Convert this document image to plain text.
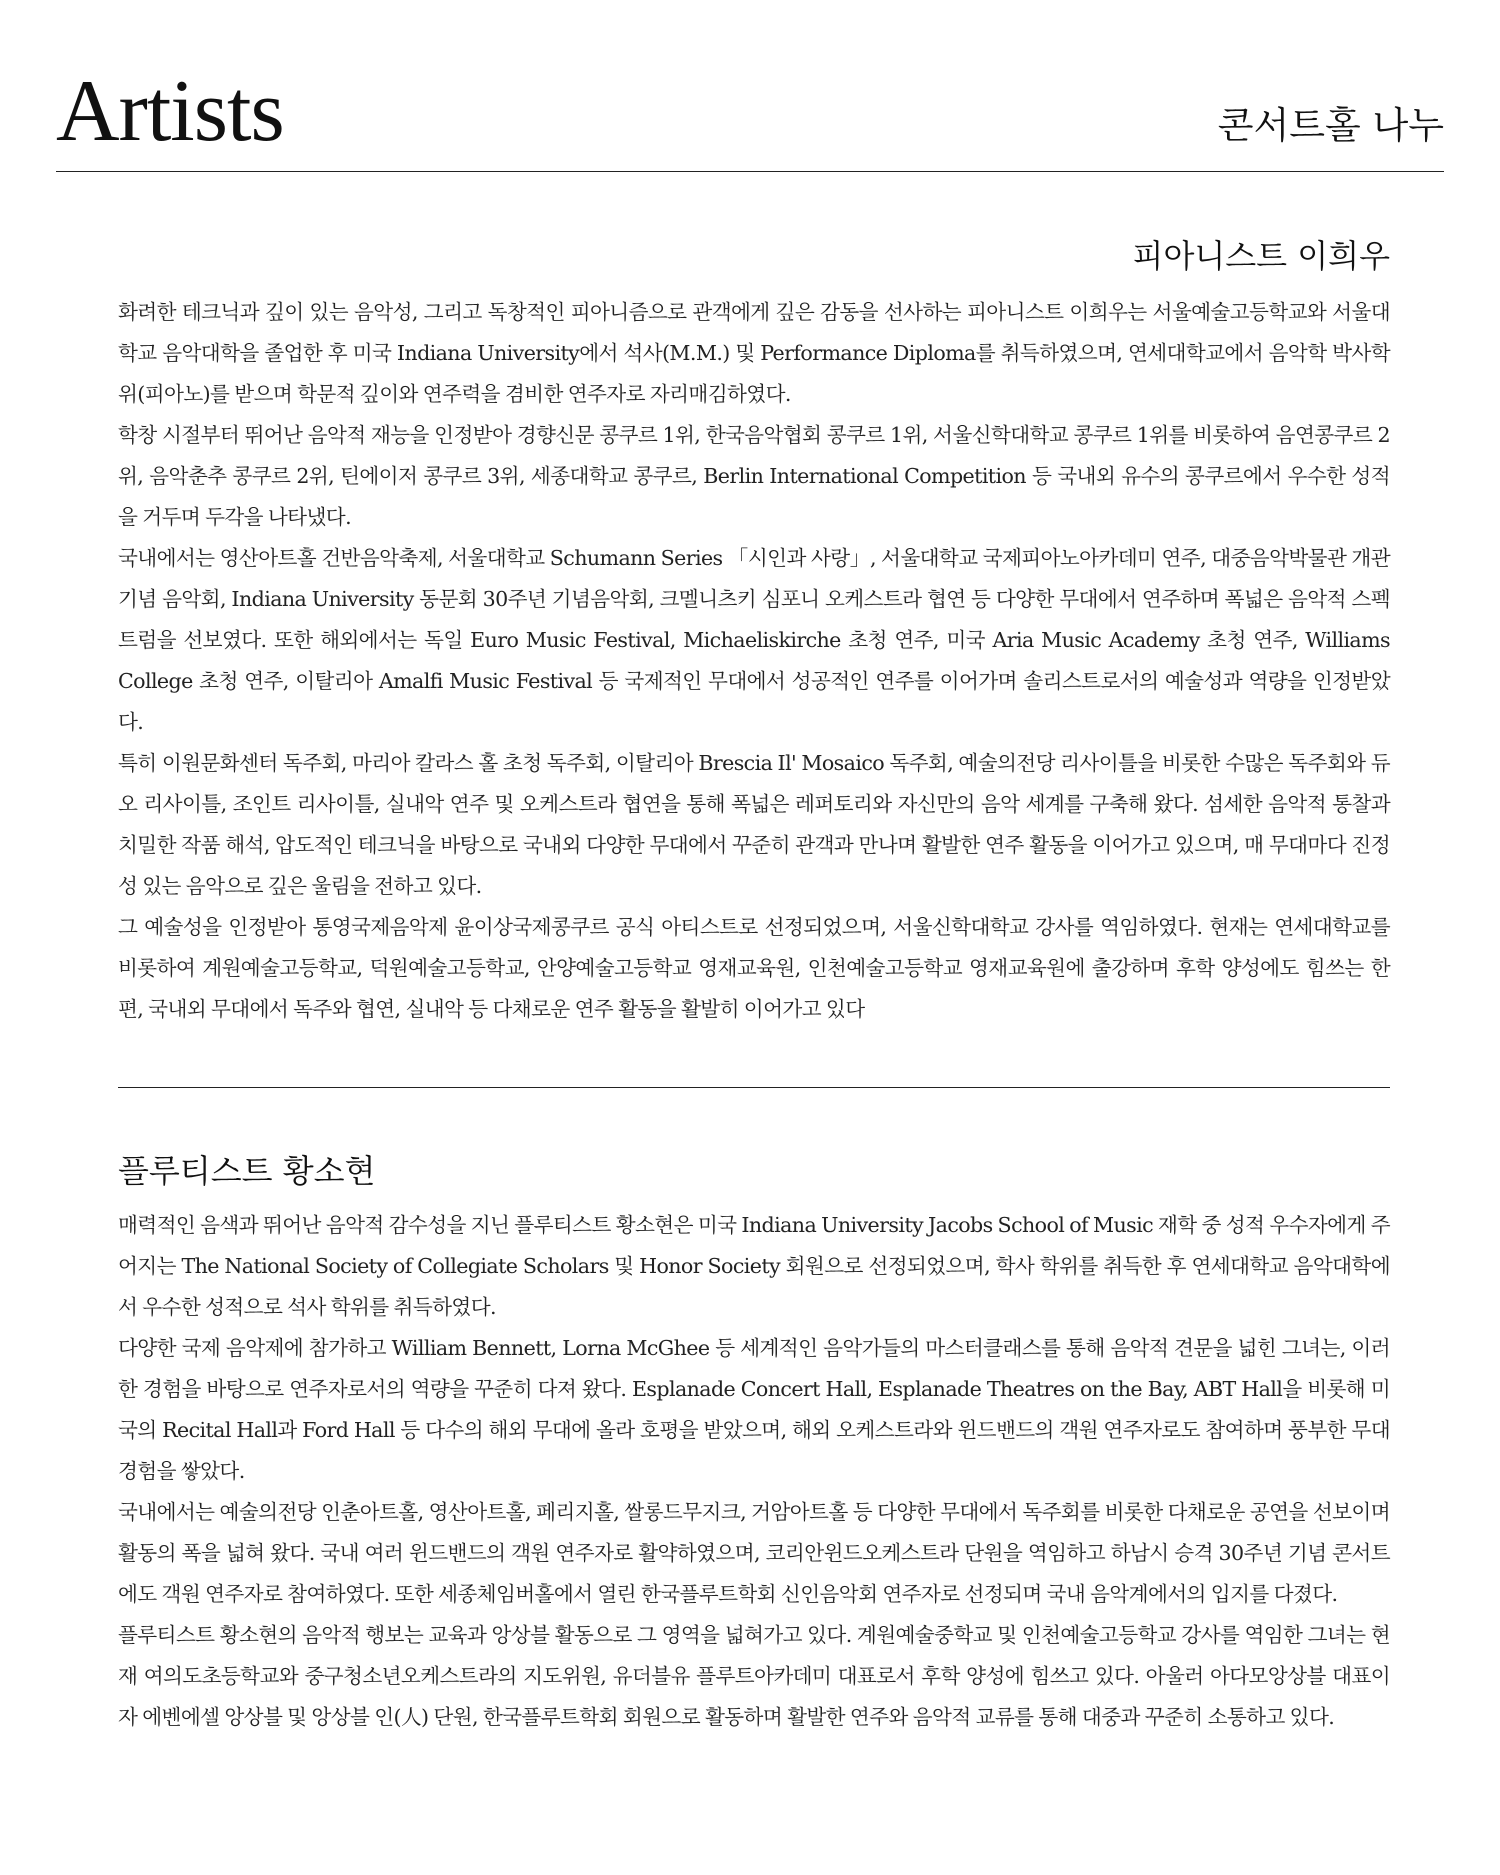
Artists	콘서트홀 나누
피아니스트 이희우

화려한 테크닉과 깊이 있는 음악성, 그리고 독창적인 피아니즘으로 관객에게 깊은 감동을 선사하는 피아니스트 이희우는 서울예술고등학교와 서울대학교 음악대학을 졸업한 후 미국 Indiana University에서 석사(M.M.) 및 Performance Diploma를 취득하였으며, 연세대학교에서 음악학 박사학위(피아노)를 받으며 학문적 깊이와 연주력을 겸비한 연주자로 자리매김하였다.

학창 시절부터 뛰어난 음악적 재능을 인정받아 경향신문 콩쿠르 1위, 한국음악협회 콩쿠르 1위, 서울신학대학교 콩쿠르 1위를 비롯하여 음연콩쿠르 2위, 음악춘추 콩쿠르 2위, 틴에이저 콩쿠르 3위, 세종대학교 콩쿠르, Berlin International Competition 등 국내외 유수의 콩쿠르에서 우수한 성적을 거두며 두각을 나타냈다.

국내에서는 영산아트홀 건반음악축제, 서울대학교 Schumann Series 「시인과 사랑」, 서울대학교 국제피아노아카데미 연주, 대중음악박물관 개관기념 음악회, Indiana University 동문회 30주년 기념음악회, 크멜니츠키 심포니 오케스트라 협연 등 다양한 무대에서 연주하며 폭넓은 음악적 스펙트럼을 선보였다. 또한 해외에서는 독일 Euro Music Festival, Michaeliskirche 초청 연주, 미국 Aria Music Academy 초청 연주, Williams College 초청 연주, 이탈리아 Amalfi Music Festival 등 국제적인 무대에서 성공적인 연주를 이어가며 솔리스트로서의 예술성과 역량을 인정받았다.

특히 이원문화센터 독주회, 마리아 칼라스 홀 초청 독주회, 이탈리아 Brescia Il' Mosaico 독주회, 예술의전당 리사이틀을 비롯한 수많은 독주회와 듀오 리사이틀, 조인트 리사이틀, 실내악 연주 및 오케스트라 협연을 통해 폭넓은 레퍼토리와 자신만의 음악 세계를 구축해 왔다. 섬세한 음악적 통찰과 치밀한 작품 해석, 압도적인 테크닉을 바탕으로 국내외 다양한 무대에서 꾸준히 관객과 만나며 활발한 연주 활동을 이어가고 있으며, 매 무대마다 진정성 있는 음악으로 깊은 울림을 전하고 있다.

그 예술성을 인정받아 통영국제음악제 윤이상국제콩쿠르 공식 아티스트로 선정되었으며, 서울신학대학교 강사를 역임하였다. 현재는 연세대학교를 비롯하여 계원예술고등학교, 덕원예술고등학교, 안양예술고등학교 영재교육원, 인천예술고등학교 영재교육원에 출강하며 후학 양성에도 힘쓰는 한편, 국내외 무대에서 독주와 협연, 실내악 등 다채로운 연주 활동을 활발히 이어가고 있다

플루티스트 황소현

매력적인 음색과 뛰어난 음악적 감수성을 지닌 플루티스트 황소현은 미국 Indiana University Jacobs School of Music 재학 중 성적 우수자에게 주어지는 The National Society of Collegiate Scholars 및 Honor Society 회원으로 선정되었으며, 학사 학위를 취득한 후 연세대학교 음악대학에서 우수한 성적으로 석사 학위를 취득하였다.

다양한 국제 음악제에 참가하고 William Bennett, Lorna McGhee 등 세계적인 음악가들의 마스터클래스를 통해 음악적 견문을 넓힌 그녀는, 이러한 경험을 바탕으로 연주자로서의 역량을 꾸준히 다져 왔다. Esplanade Concert Hall, Esplanade Theatres on the Bay, ABT Hall을 비롯해 미국의 Recital Hall과 Ford Hall 등 다수의 해외 무대에 올라 호평을 받았으며, 해외 오케스트라와 윈드밴드의 객원 연주자로도 참여하며 풍부한 무대 경험을 쌓았다.

국내에서는 예술의전당 인춘아트홀, 영산아트홀, 페리지홀, 쌀롱드무지크, 거암아트홀 등 다양한 무대에서 독주회를 비롯한 다채로운 공연을 선보이며 활동의 폭을 넓혀 왔다. 국내 여러 윈드밴드의 객원 연주자로 활약하였으며, 코리안윈드오케스트라 단원을 역임하고 하남시 승격 30주년 기념 콘서트에도 객원 연주자로 참여하였다. 또한 세종체임버홀에서 열린 한국플루트학회 신인음악회 연주자로 선정되며 국내 음악계에서의 입지를 다졌다.

플루티스트 황소현의 음악적 행보는 교육과 앙상블 활동으로 그 영역을 넓혀가고 있다. 계원예술중학교 및 인천예술고등학교 강사를 역임한 그녀는 현재 여의도초등학교와 중구청소년오케스트라의 지도위원, 유더블유 플루트아카데미 대표로서 후학 양성에 힘쓰고 있다. 아울러 아다모앙상블 대표이자 에벤에셀 앙상블 및 앙상블 인(人) 단원, 한국플루트학회 회원으로 활동하며 활발한 연주와 음악적 교류를 통해 대중과 꾸준히 소통하고 있다.
